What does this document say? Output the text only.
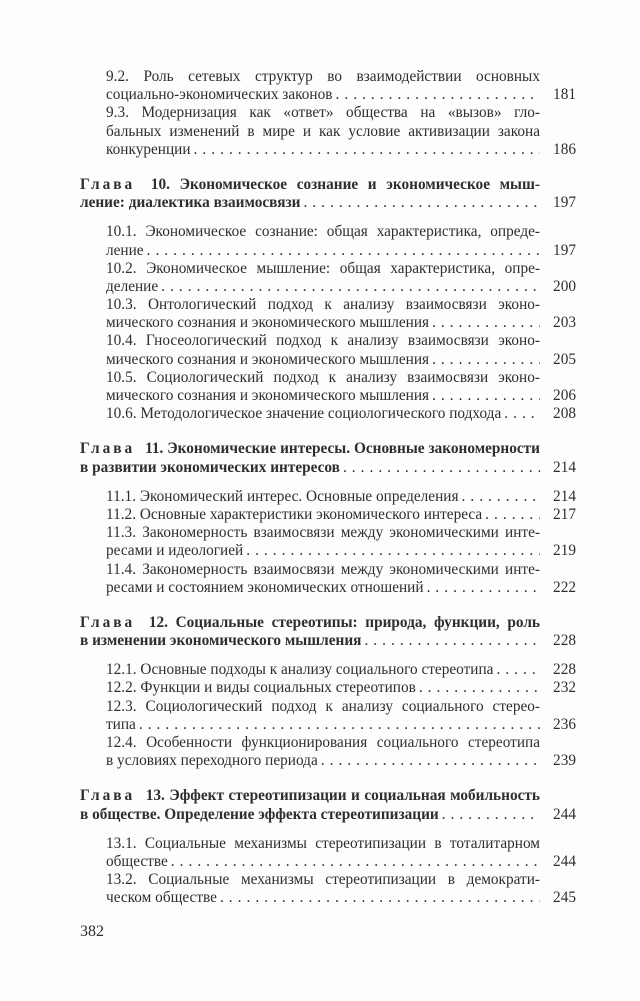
9.2. Роль сетевых структур во взаимодействии основных
социально-экономических законов . . .	181
9.3. Модернизация как «ответ» общества на «вызов» гло-
бальных изменений в мире и как условие активизации закона
конкуренции . . .	186
Глава 10. Экономическое сознание и экономическое мыш-
ление: диалектика взаимосвязи . . .	197
10.1. Экономическое сознание: общая характеристика, опреде-
ление . . .	197
10.2. Экономическое мышление: общая характеристика, опре-
деление . . .	200
10.3. Онтологический подход к анализу взаимосвязи эконо-
мического сознания и экономического мышления . . .	203
10.4. Гносеологический подход к анализу взаимосвязи эконо-
мического сознания и экономического мышления . . .	205
10.5. Социологический подход к анализу взаимосвязи эконо-
мического сознания и экономического мышления . . .	206
10.6. Методологическое значение социологического подхода . . .	208
Глава 11. Экономические интересы. Основные закономерности
в развитии экономических интересов . . .	214
11.1. Экономический интерес. Основные определения . . .	214
11.2. Основные характеристики экономического интереса . . .	217
11.3. Закономерность взаимосвязи между экономическими инте-
ресами и идеологией . . .	219
11.4. Закономерность взаимосвязи между экономическими инте-
ресами и состоянием экономических отношений . . .	222
Глава 12. Социальные стереотипы: природа, функции, роль
в изменении экономического мышления . . .	228
12.1. Основные подходы к анализу социального стереотипа . . .	228
12.2. Функции и виды социальных стереотипов . . .	232
12.3. Социологический подход к анализу социального стерео-
типа . . .	236
12.4. Особенности функционирования социального стереотипа
в условиях переходного периода . . .	239
Глава 13. Эффект стереотипизации и социальная мобильность
в обществе. Определение эффекта стереотипизации . . .	244
13.1. Социальные механизмы стереотипизации в тоталитарном
обществе . . .	244
13.2. Социальные механизмы стереотипизации в демократи-
ческом обществе . . .	245
382
